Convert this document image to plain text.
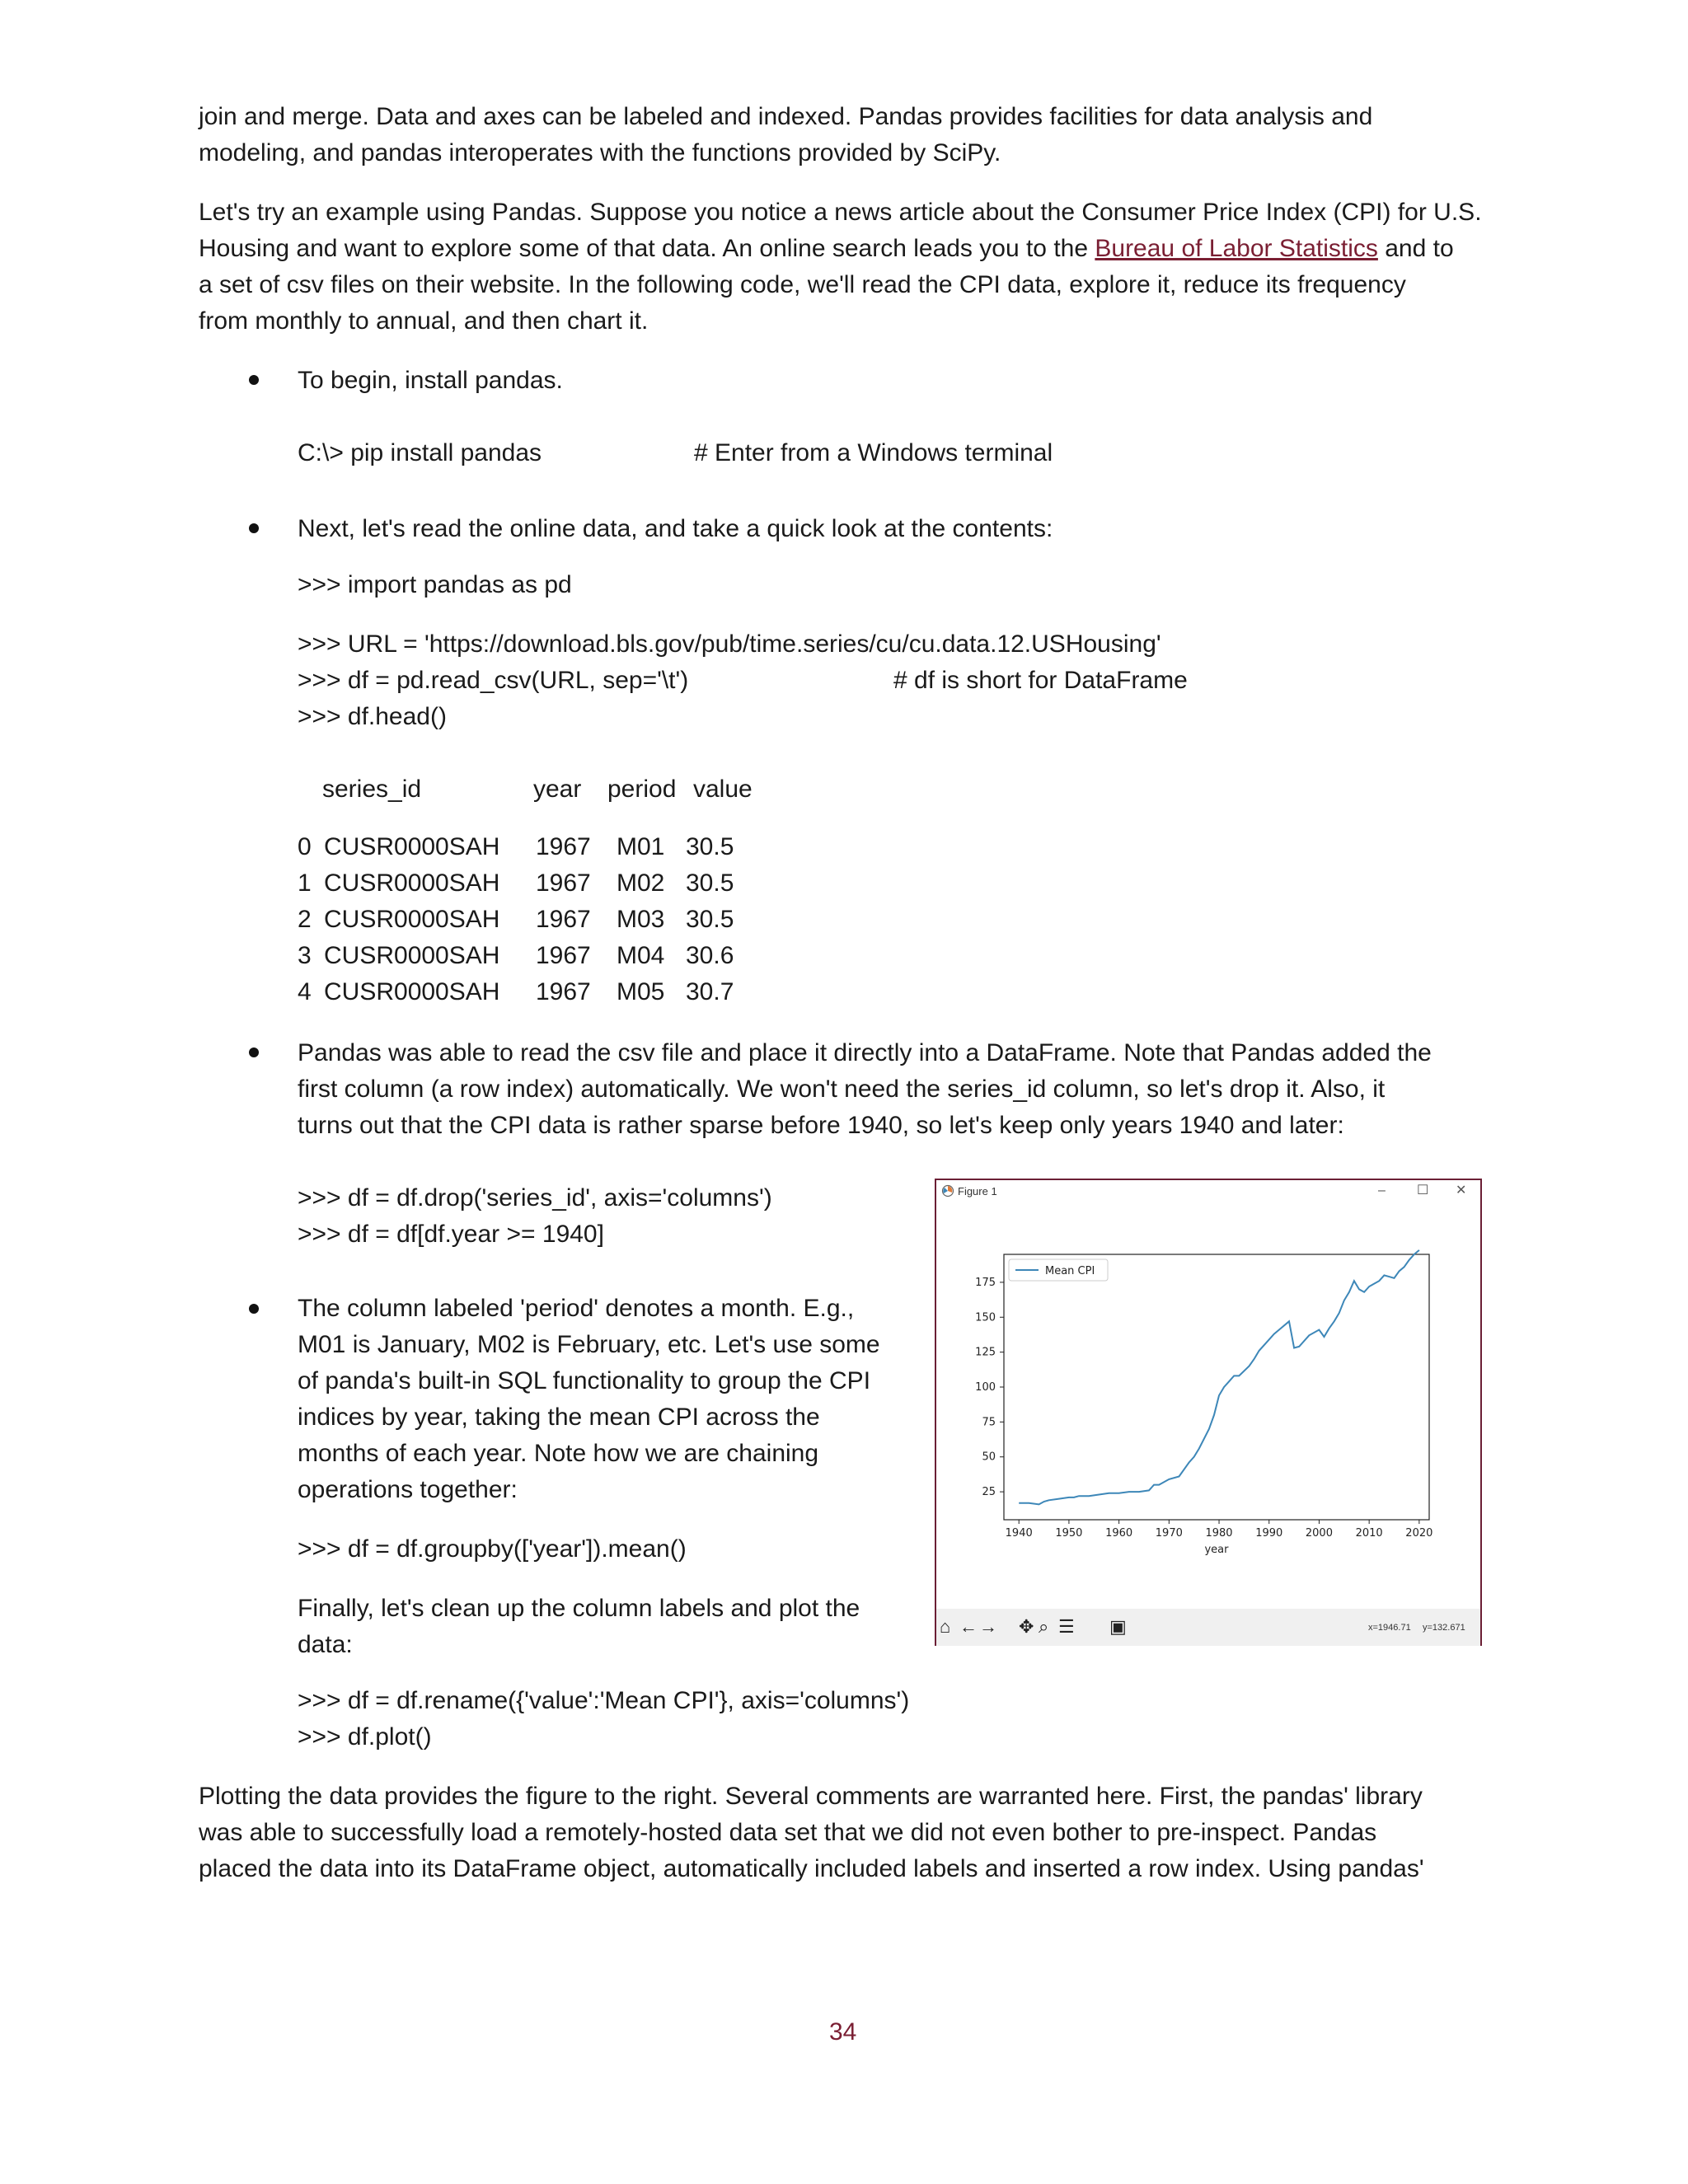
join and merge. Data and axes can be labeled and indexed. Pandas provides facilities for data analysis and
modeling, and pandas interoperates with the functions provided by SciPy.
Let's try an example using Pandas. Suppose you notice a news article about the Consumer Price Index (CPI) for U.S.
Housing and want to explore some of that data. An online search leads you to the Bureau of Labor Statistics and to
a set of csv files on their website. In the following code, we'll read the CPI data, explore it, reduce its frequency
from monthly to annual, and then chart it.
To begin, install pandas.
C:\> pip install pandas	# Enter from a Windows terminal
Next, let's read the online data, and take a quick look at the contents:
>>> import pandas as pd
>>> URL = 'https://download.bls.gov/pub/time.series/cu/cu.data.12.USHousing'
>>> df = pd.read_csv(URL, sep='\t')	# df is short for DataFrame
>>> df.head()
series_id	year period value
0 CUSR0000SAH 1967 M01 30.5
1 CUSR0000SAH 1967 M02 30.5
2 CUSR0000SAH 1967 M03 30.5
3 CUSR0000SAH 1967 M04 30.6
4 CUSR0000SAH 1967 M05 30.7
Pandas was able to read the csv file and place it directly into a DataFrame. Note that Pandas added the
first column (a row index) automatically. We won't need the series_id column, so let's drop it. Also, it
turns out that the CPI data is rather sparse before 1940, so let's keep only years 1940 and later:
>>> df = df.drop('series_id', axis='columns')
>>> df = df[df.year >= 1940]
The column labeled 'period' denotes a month. E.g.,
M01 is January, M02 is February, etc. Let's use some
of panda's built-in SQL functionality to group the CPI
indices by year, taking the mean CPI across the
months of each year. Note how we are chaining
operations together:
>>> df = df.groupby(['year']).mean()
Finally, let's clean up the column labels and plot the
data:
>>> df = df.rename({'value':'Mean CPI'}, axis='columns')
>>> df.plot()
Plotting the data provides the figure to the right. Several comments are warranted here. First, the pandas' library
was able to successfully load a remotely-hosted data set that we did not even bother to pre-inspect. Pandas
placed the data into its DataFrame object, automatically included labels and inserted a row index. Using pandas'
34
Figure 1	– ☐ ✕
1940 1950 1960 1970 1980 1990 2000 2010 2020
25
50
75
100
125
150
175
year
Mean CPI
⌂ ← → ✥ ⌕ ☰ ▣	x=1946.71 y=132.671
